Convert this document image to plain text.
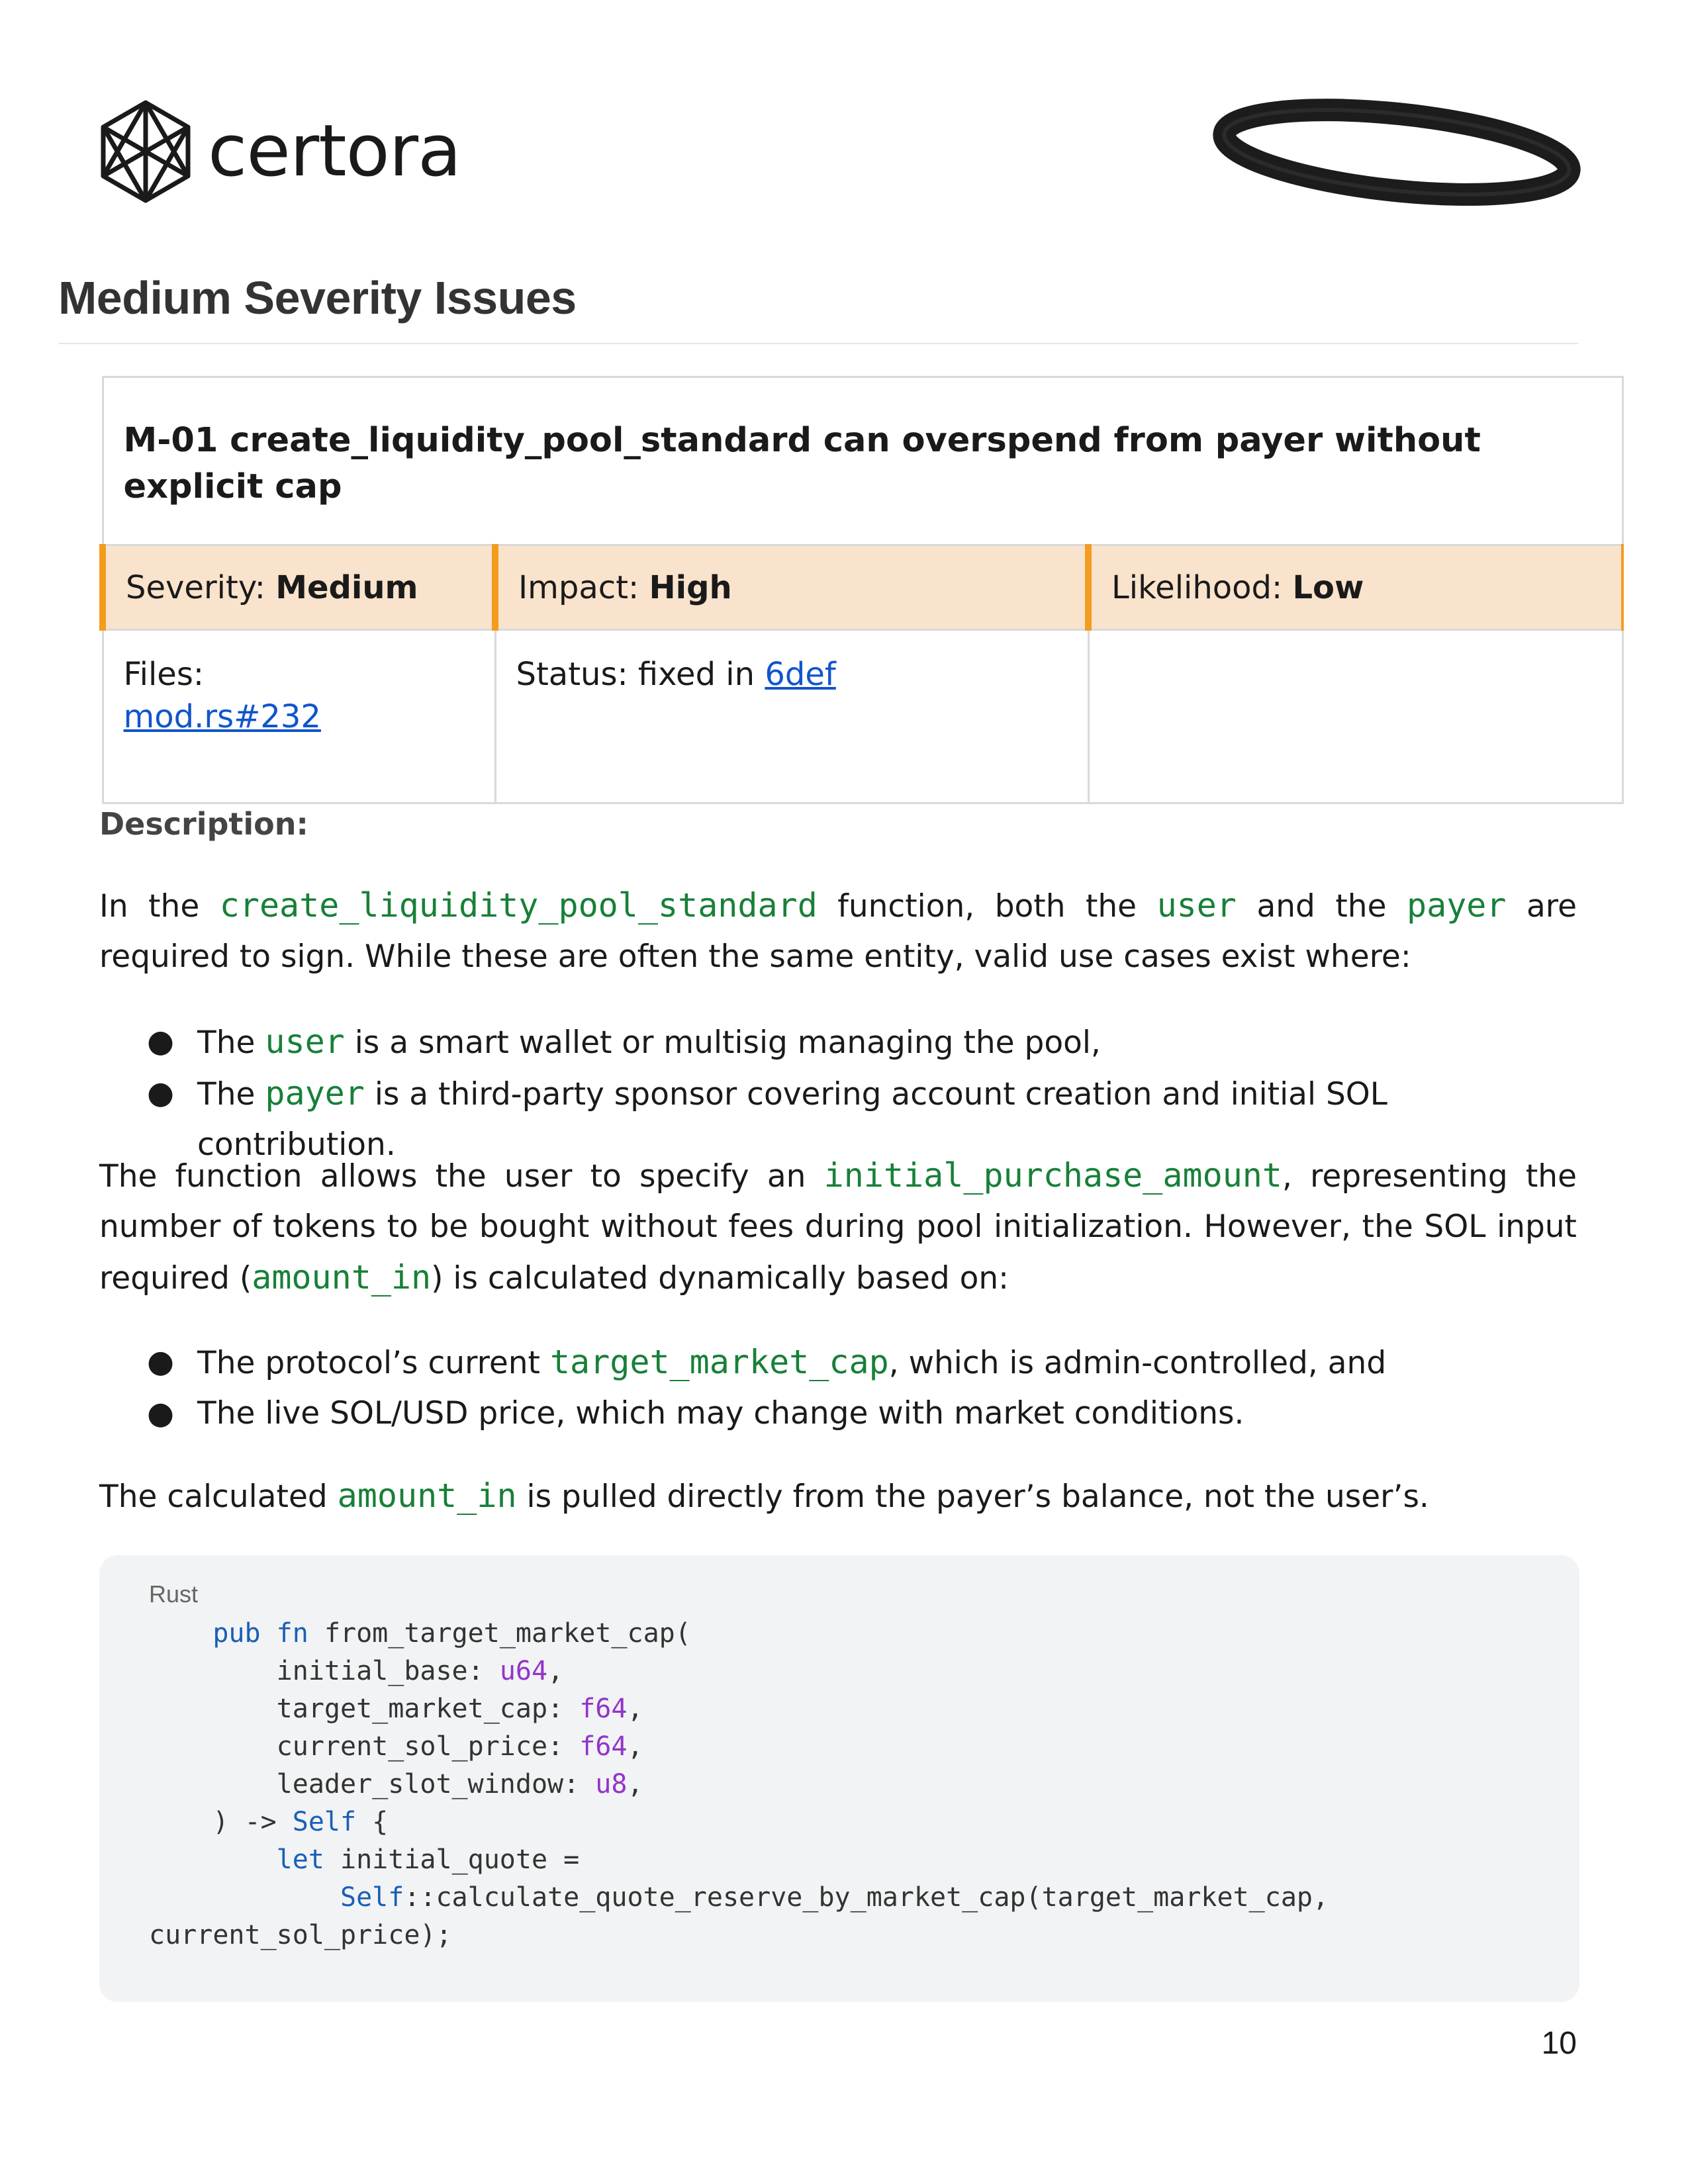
certora
Medium Severity Issues
M-01 create_liquidity_pool_standard can overspend from payer without explicit cap		

Severity: Medium	Impact: High	Likelihood: Low

Files:
mod.rs#232	Status: fixed in 6def	
Description:

In the create_liquidity_pool_standard function, both the user and the payer are required to sign. While these are often the same entity, valid use cases exist where:

● The user is a smart wallet or multisig managing the pool,
● The payer is a third-party sponsor covering account creation and initial SOL contribution.

The function allows the user to specify an initial_purchase_amount, representing the number of tokens to be bought without fees during pool initialization. However, the SOL input required (amount_in) is calculated dynamically based on:

● The protocol’s current target_market_cap, which is admin-controlled, and
● The live SOL/USD price, which may change with market conditions.

The calculated amount_in is pulled directly from the payer’s balance, not the user’s.

Rust
pub fn from_target_market_cap(
initial_base: u64,
target_market_cap: f64,
current_sol_price: f64,
leader_slot_window: u8,
) -> Self {
let initial_quote =
Self::calculate_quote_reserve_by_market_cap(target_market_cap,
current_sol_price);
10
